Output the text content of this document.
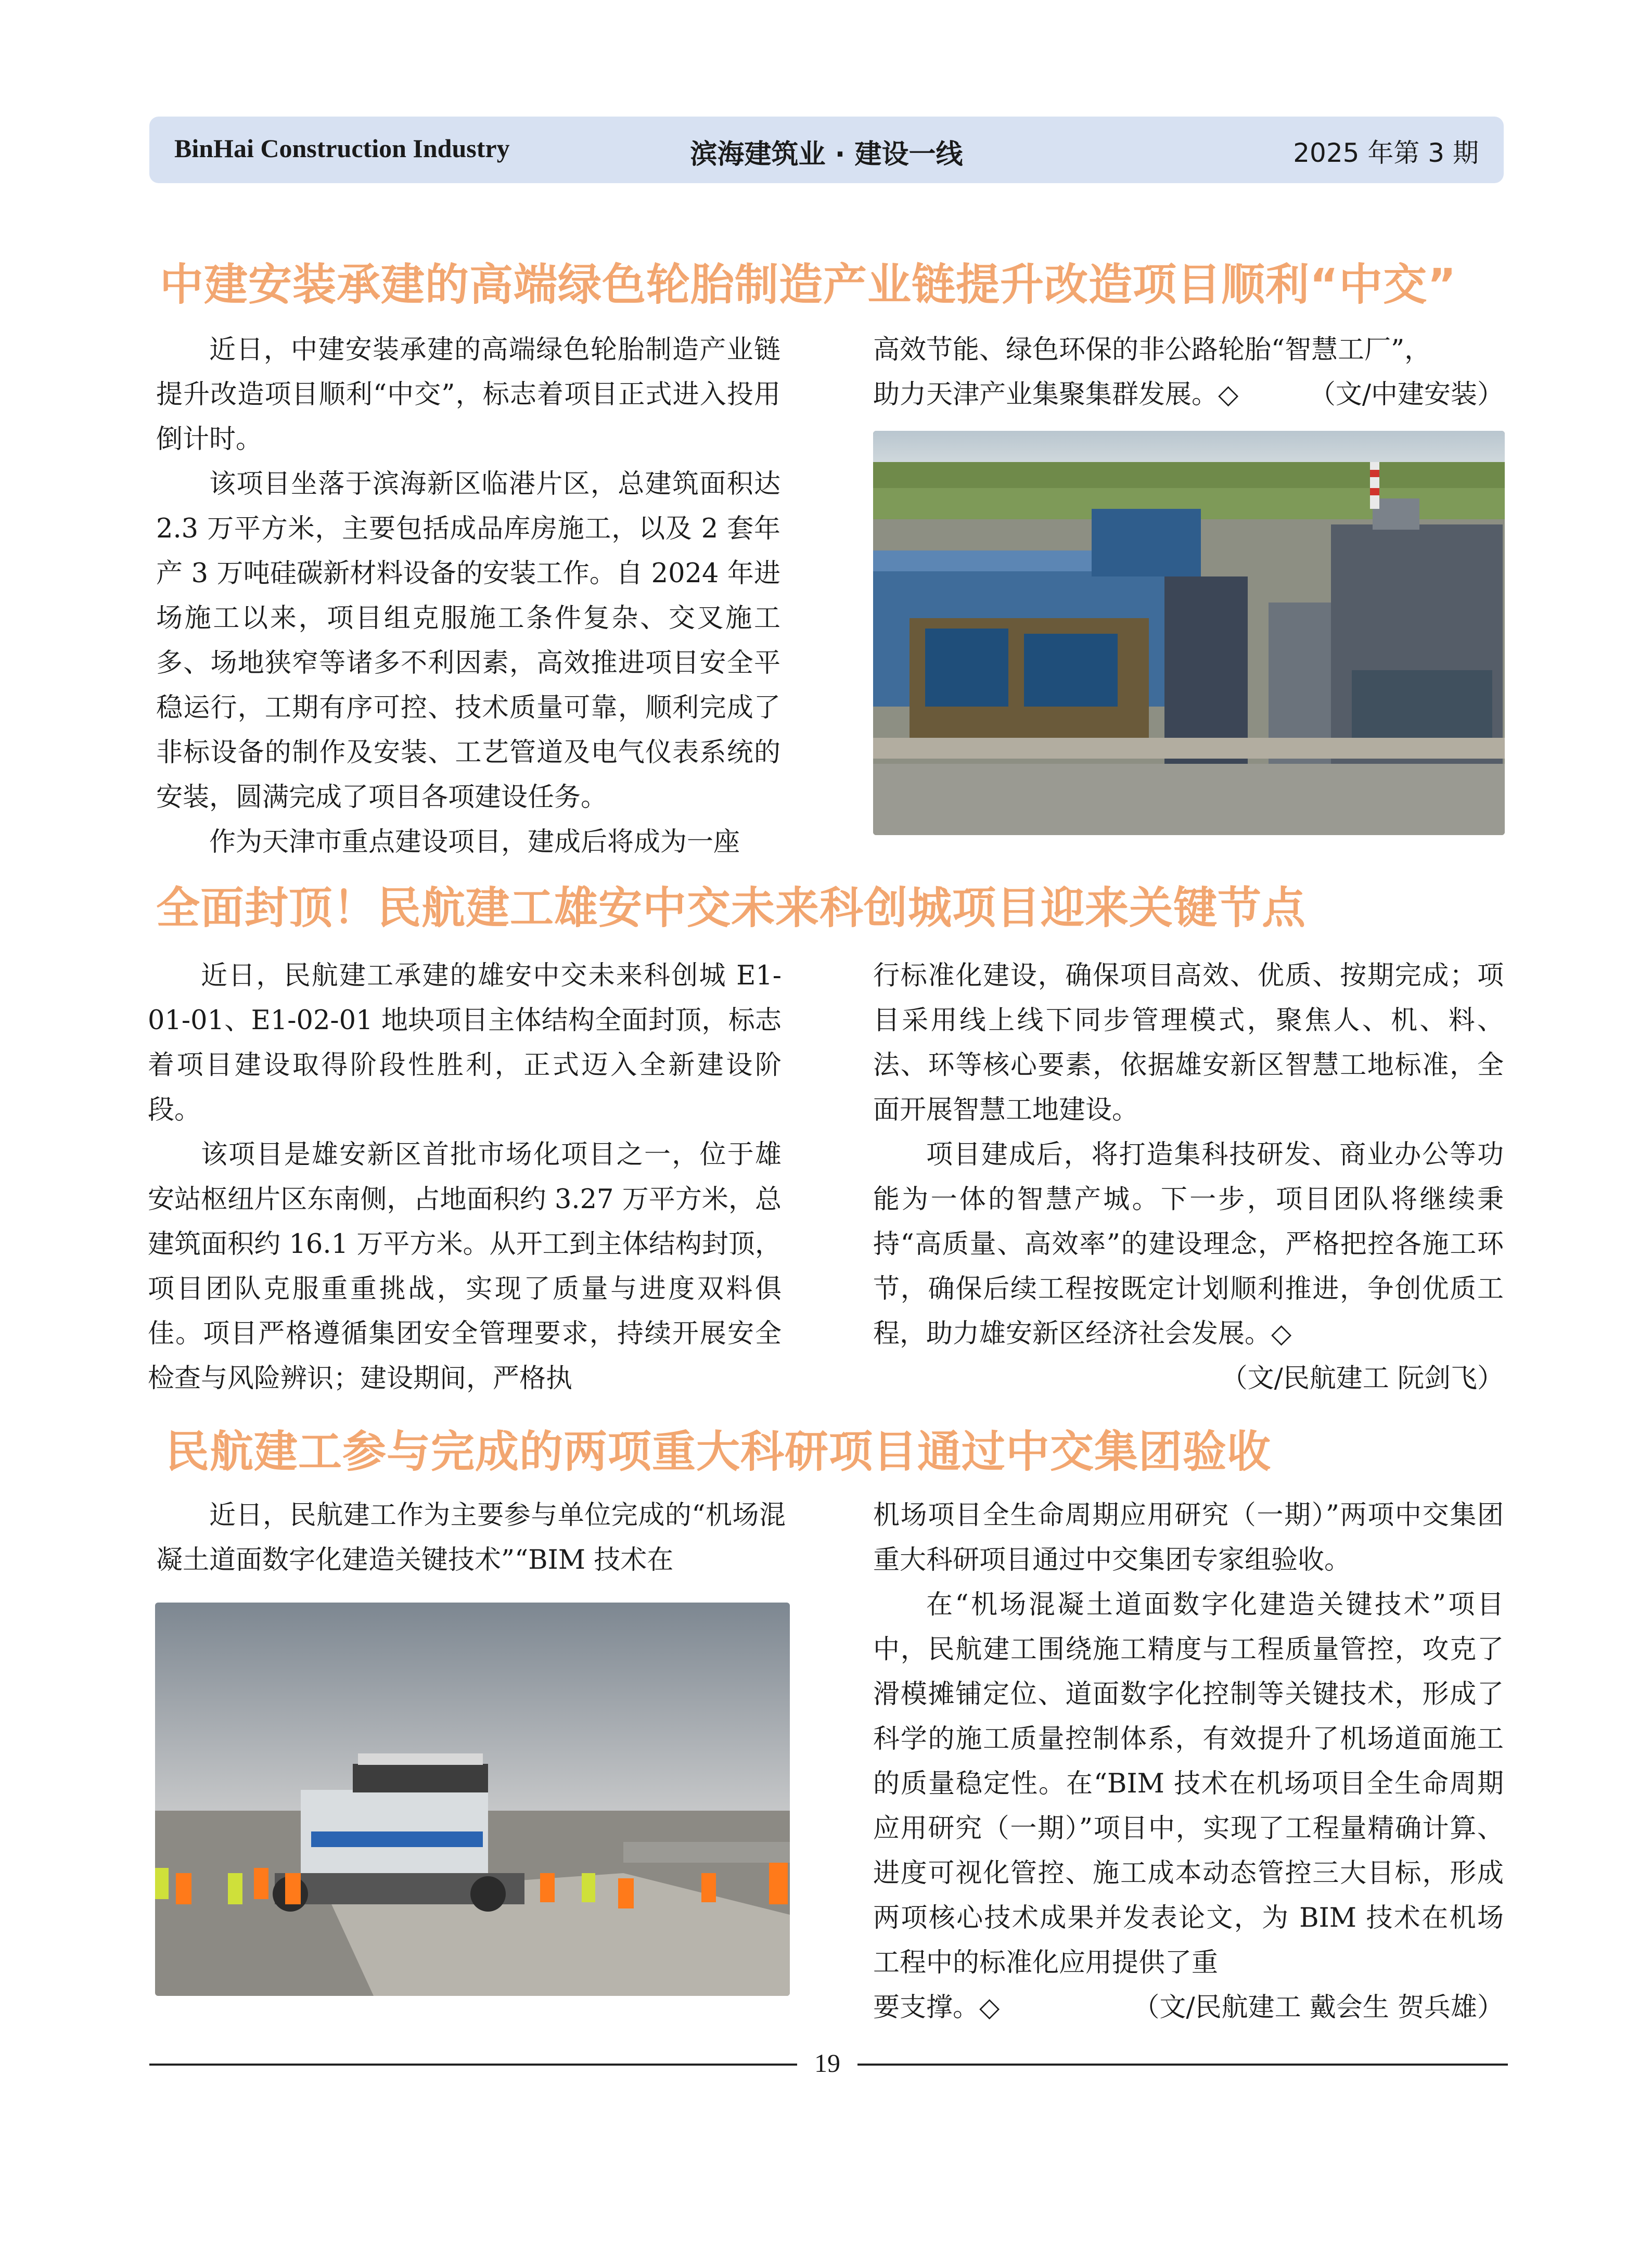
BinHai Construction Industry	滨海建筑业 · 建设一线	2025 年第 3 期
中建安装承建的高端绿色轮胎制造产业链提升改造项目顺利“中交”

近日，中建安装承建的高端绿色轮胎制造产业链提升改造项目顺利“中交”，标志着项目正式进入投用倒计时。

该项目坐落于滨海新区临港片区，总建筑面积达 2.3 万平方米，主要包括成品库房施工，以及 2 套年产 3 万吨硅碳新材料设备的安装工作。自 2024 年进场施工以来，项目组克服施工条件复杂、交叉施工多、场地狭窄等诸多不利因素，高效推进项目安全平稳运行，工期有序可控、技术质量可靠，顺利完成了非标设备的制作及安装、工艺管道及电气仪表系统的安装，圆满完成了项目各项建设任务。

作为天津市重点建设项目，建成后将成为一座

高效节能、绿色环保的非公路轮胎“智慧工厂”，

助力天津产业集聚集群发展。◇	（文/中建安装）

全面封顶！民航建工雄安中交未来科创城项目迎来关键节点

近日，民航建工承建的雄安中交未来科创城 E1-01-01、E1-02-01 地块项目主体结构全面封顶，标志着项目建设取得阶段性胜利，正式迈入全新建设阶段。

该项目是雄安新区首批市场化项目之一，位于雄安站枢纽片区东南侧，占地面积约 3.27 万平方米，总建筑面积约 16.1 万平方米。从开工到主体结构封顶，项目团队克服重重挑战，实现了质量与进度双料俱佳。项目严格遵循集团安全管理要求，持续开展安全检查与风险辨识；建设期间，严格执

行标准化建设，确保项目高效、优质、按期完成；项目采用线上线下同步管理模式，聚焦人、机、料、法、环等核心要素，依据雄安新区智慧工地标准，全面开展智慧工地建设。

项目建成后，将打造集科技研发、商业办公等功能为一体的智慧产城。下一步，项目团队将继续秉持“高质量、高效率”的建设理念，严格把控各施工环节，确保后续工程按既定计划顺利推进，争创优质工程，助力雄安新区经济社会发展。◇

（文/民航建工 阮剑飞）

民航建工参与完成的两项重大科研项目通过中交集团验收

近日，民航建工作为主要参与单位完成的“机场混凝土道面数字化建造关键技术”“BIM 技术在

机场项目全生命周期应用研究（一期）”两项中交集团重大科研项目通过中交集团专家组验收。

在“机场混凝土道面数字化建造关键技术”项目中，民航建工围绕施工精度与工程质量管控，攻克了滑模摊铺定位、道面数字化控制等关键技术，形成了科学的施工质量控制体系，有效提升了机场道面施工的质量稳定性。在“BIM 技术在机场项目全生命周期应用研究（一期）”项目中，实现了工程量精确计算、进度可视化管控、施工成本动态管控三大目标，形成两项核心技术成果并发表论文，为 BIM 技术在机场工程中的标准化应用提供了重

要支撑。◇	（文/民航建工 戴会生 贺兵雄）

19
